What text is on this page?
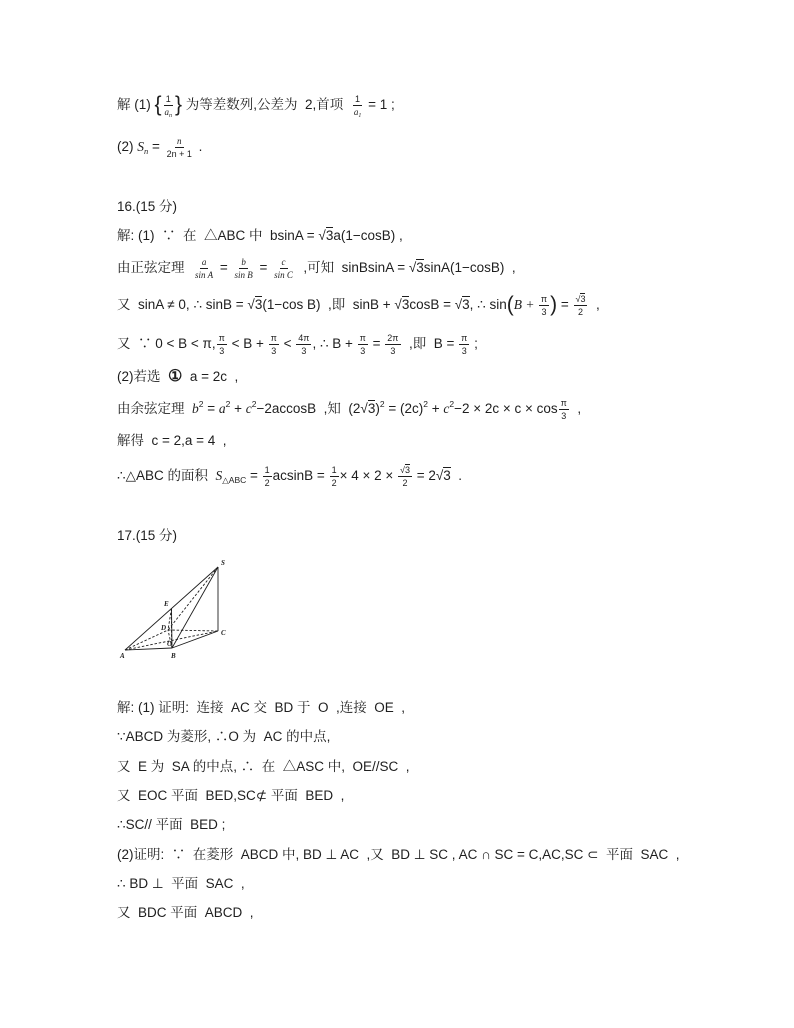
解 (1) { $\frac{1}{a_n}$ } 为等差数列,公差为  2,首项 $\frac{1}{a_1} = 1$ ;
(2) $S_n = \frac{n}{2n + 1}$ .
16.(15 分)
解: (1)  ∵  在  △ABC 中  bsinA = √3a(1−cosB) ,
由正弦定理 $\frac{a}{\text{sin A}} = \frac{b}{\text{sin B}} = \frac{c}{\text{sin C}}$ ,可知  sinBsinA = √3sinA(1−cosB)  ,
又  sinA ≠ 0, ∴ sinB = √3(1−cos B)  ,即  sinB + √3cosB = √3, ∴ $\sin(B + \frac{\pi}{3}$ ) = $\frac{√3}{2}$ ,
又  ∵ 0 < B < π, $\frac{\pi}{3} < B + \frac{\pi}{3} < \frac{4\pi}{3}$ , ∴ $B + \frac{\pi}{3} = \frac{2\pi}{3}$ ,即  $B = \frac{\pi}{3}$ ;
(2)若选  ①  a = 2c  ,
由余弦定理  $b^2 = a^2 + c^2-2accosB$  ,知  $(2√3)^2 = (2c)^2 + c^2-2 \times 2c \times c \times \cos \frac{\pi}{3}$ ,
解得  c = 2,a = 4  ,
∴△ABC 的面积  $S_{\triangle ABC} = \frac{1}{2}$ $acsinB = \frac{1}{2} \times 4 \times 2 \times \frac{√3}{2} = 2√3$  .
17.(15 分)
S
E
D
O
A	B
C
解: (1) 证明:  连接  AC 交  BD 于  O  ,连接  OE  ,
∵ABCD 为菱形, ∴O 为  AC 的中点,
又  E 为  SA 的中点, ∴  在  △ASC 中,  OE//SC  ,
又  EOC 平面  BED,SC⊄ 平面  BED  ,
∴SC// 平面  BED ;
(2)证明:  ∵  在菱形  ABCD 中, BD ⊥ AC  ,又  BD ⊥ SC , AC ∩ SC = C,AC,SC ⊂  平面  SAC  ,
∴ BD ⊥  平面  SAC  ,
又  BDC 平面  ABCD  ,
